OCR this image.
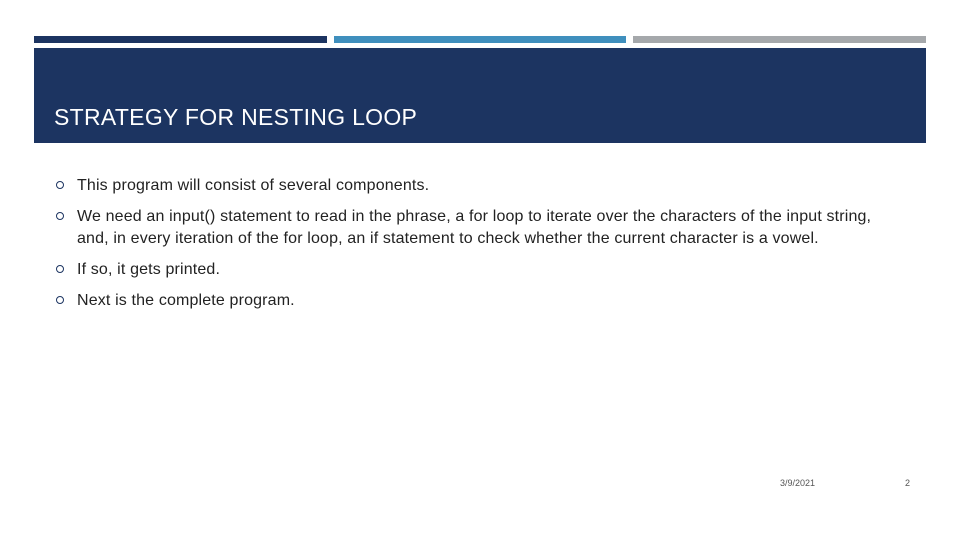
STRATEGY FOR NESTING LOOP
This program will consist of several components.
We need an input() statement to read in the phrase, a for loop to iterate over the characters of the input string, and, in every iteration of the for loop, an if statement to check whether the current character is a vowel.
If so, it gets printed.
Next is the complete program.
3/9/2021	2
